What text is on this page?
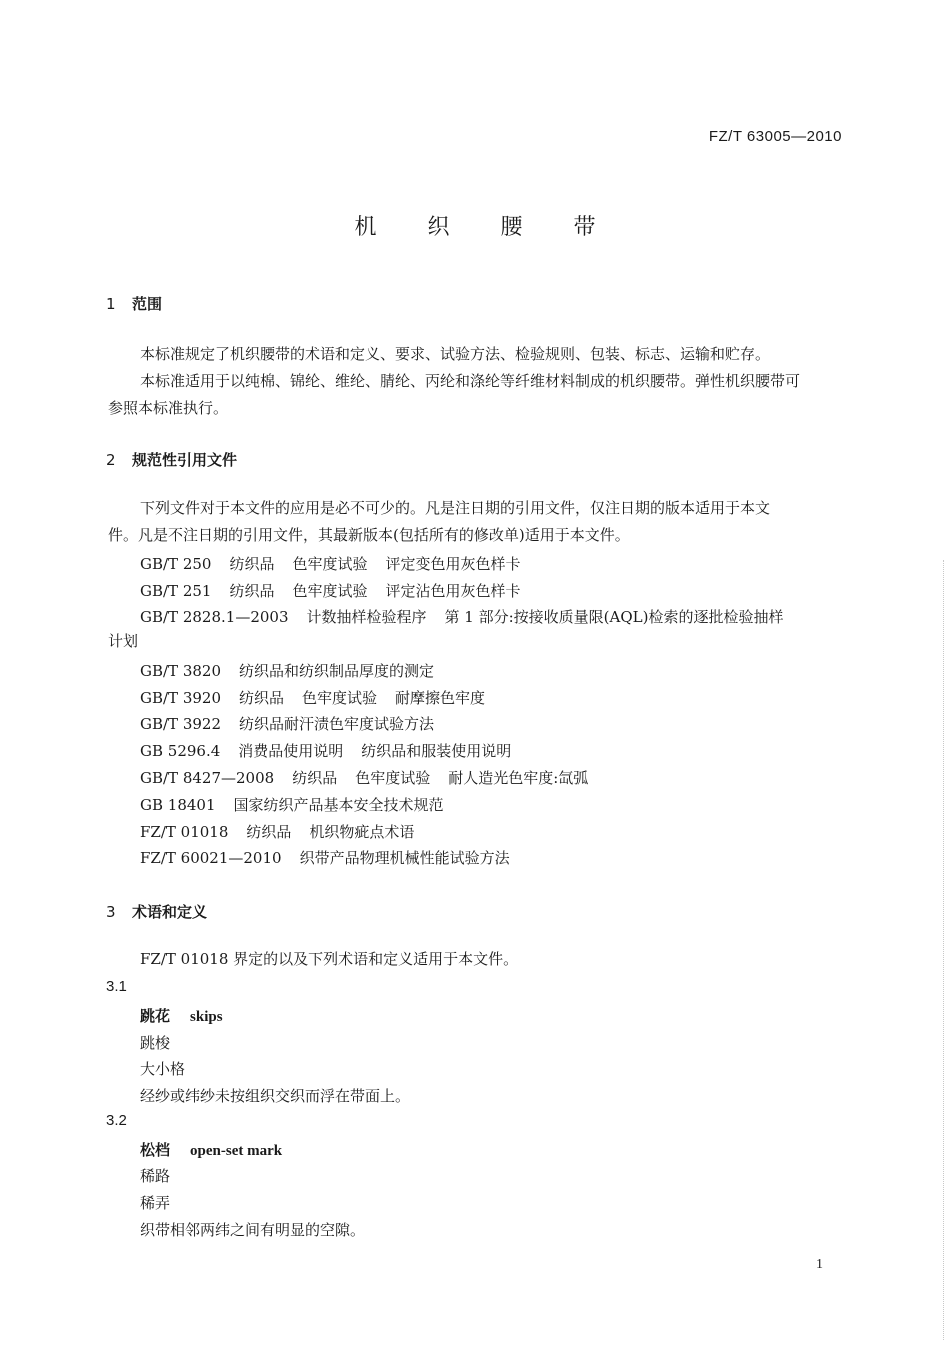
FZ/T 63005—2010
机 织 腰 带
1 范围
本标准规定了机织腰带的术语和定义、要求、试验方法、检验规则、包装、标志、运输和贮存。
本标准适用于以纯棉、锦纶、维纶、腈纶、丙纶和涤纶等纤维材料制成的机织腰带。弹性机织腰带可
参照本标准执行。
2 规范性引用文件
下列文件对于本文件的应用是必不可少的。凡是注日期的引用文件，仅注日期的版本适用于本文
件。凡是不注日期的引用文件，其最新版本(包括所有的修改单)适用于本文件。
GB/T 250 纺织品 色牢度试验 评定变色用灰色样卡
GB/T 251 纺织品 色牢度试验 评定沾色用灰色样卡
GB/T 2828.1—2003 计数抽样检验程序 第 1 部分:按接收质量限(AQL)检索的逐批检验抽样
计划
GB/T 3820 纺织品和纺织制品厚度的测定
GB/T 3920 纺织品 色牢度试验 耐摩擦色牢度
GB/T 3922 纺织品耐汗渍色牢度试验方法
GB 5296.4 消费品使用说明 纺织品和服装使用说明
GB/T 8427—2008 纺织品 色牢度试验 耐人造光色牢度:氙弧
GB 18401 国家纺织产品基本安全技术规范
FZ/T 01018 纺织品 机织物疵点术语
FZ/T 60021—2010 织带产品物理机械性能试验方法
3 术语和定义
FZ/T 01018 界定的以及下列术语和定义适用于本文件。
3.1
跳花 skips
跳梭
大小格
经纱或纬纱未按组织交织而浮在带面上。
3.2
松档 open-set mark
稀路
稀弄
织带相邻两纬之间有明显的空隙。
1
